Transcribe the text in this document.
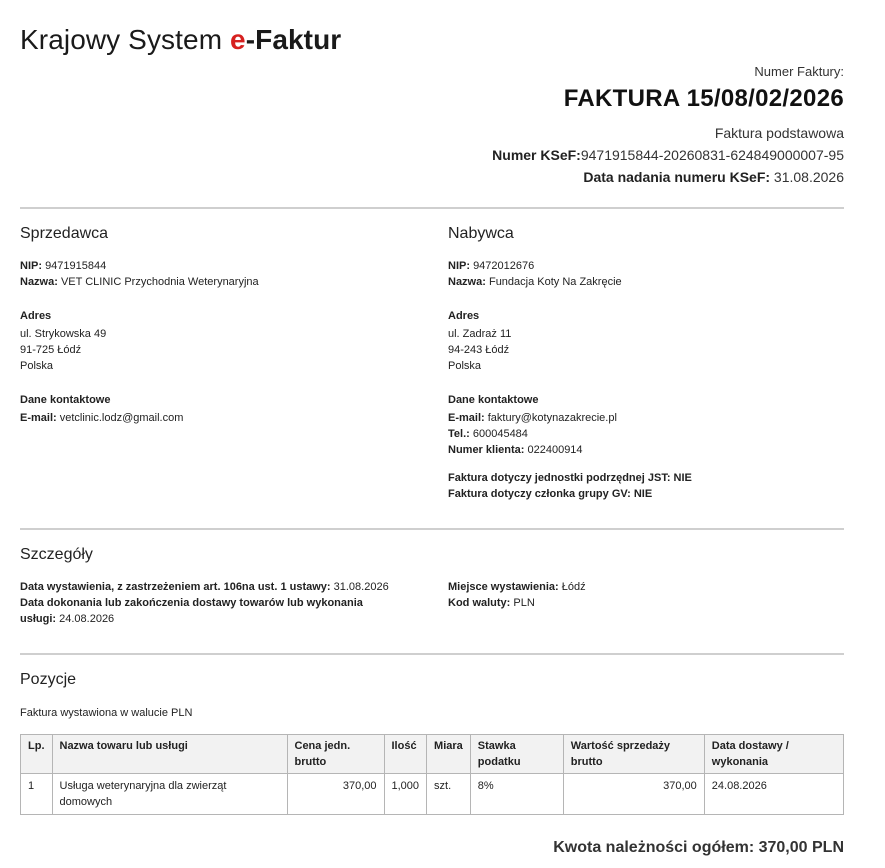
Krajowy System e-Faktur
Numer Faktury:
FAKTURA 15/08/02/2026
Faktura podstawowa
Numer KSeF:9471915844-20260831-624849000007-95
Data nadania numeru KSeF: 31.08.2026
Sprzedawca
NIP: 9471915844
Nazwa: VET CLINIC Przychodnia Weterynaryjna
Adres
ul. Strykowska 49
91-725 Łódź
Polska
Dane kontaktowe
E-mail: vetclinic.lodz@gmail.com
Nabywca
NIP: 9472012676
Nazwa: Fundacja Koty Na Zakręcie
Adres
ul. Zadraż 11
94-243 Łódź
Polska
Dane kontaktowe
E-mail: faktury@kotynazakrecie.pl
Tel.: 600045484
Numer klienta: 022400914
Faktura dotyczy jednostki podrzędnej JST: NIE
Faktura dotyczy członka grupy GV: NIE
Szczegóły
Data wystawienia, z zastrzeżeniem art. 106na ust. 1 ustawy: 31.08.2026
Data dokonania lub zakończenia dostawy towarów lub wykonania usługi: 24.08.2026
Miejsce wystawienia: Łódź
Kod waluty: PLN
Pozycje
Faktura wystawiona w walucie PLN
Lp.	Nazwa towaru lub usługi	Cena jedn. brutto	Ilość	Miara	Stawka podatku	Wartość sprzedaży brutto	Data dostawy / wykonania
1	Usługa weterynaryjna dla zwierząt domowych	370,00	1,000	szt.	8%	370,00	24.08.2026
Kwota należności ogółem: 370,00 PLN
